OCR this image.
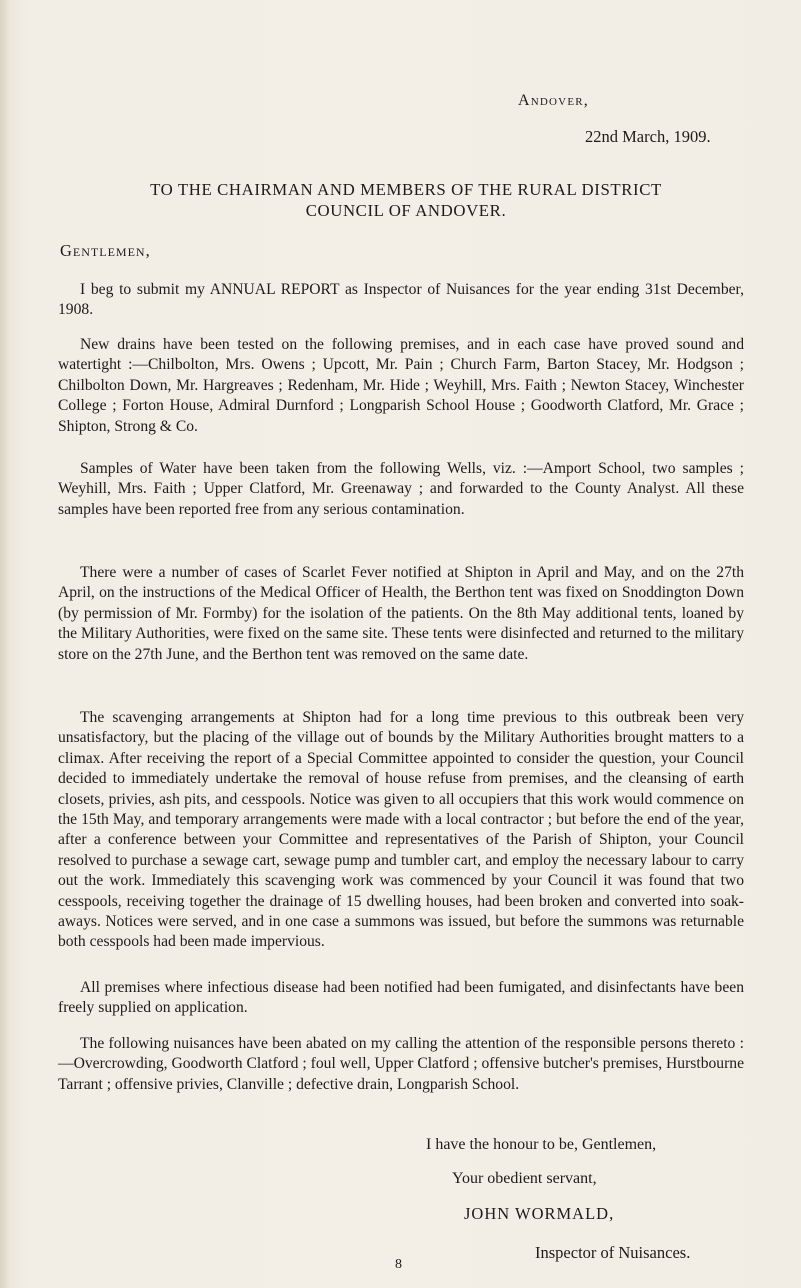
Andover,
22nd March, 1909.
TO THE CHAIRMAN AND MEMBERS OF THE RURAL DISTRICT
COUNCIL OF ANDOVER.
Gentlemen,

I beg to submit my ANNUAL REPORT as Inspector of Nuisances for the year ending 31st December, 1908.

New drains have been tested on the following premises, and in each case have proved sound and watertight :—Chilbolton, Mrs. Owens ; Upcott, Mr. Pain ; Church Farm, Barton Stacey, Mr. Hodgson ; Chilbolton Down, Mr. Hargreaves ; Redenham, Mr. Hide ; Weyhill, Mrs. Faith ; Newton Stacey, Winchester College ; Forton House, Admiral Durnford ; Longparish School House ; Goodworth Clatford, Mr. Grace ; Shipton, Strong & Co.

Samples of Water have been taken from the following Wells, viz. :—Amport School, two samples ; Weyhill, Mrs. Faith ; Upper Clatford, Mr. Greenaway ; and forwarded to the County Analyst. All these samples have been reported free from any serious contamination.

There were a number of cases of Scarlet Fever notified at Shipton in April and May, and on the 27th April, on the instructions of the Medical Officer of Health, the Berthon tent was fixed on Snoddington Down (by permission of Mr. Formby) for the isolation of the patients. On the 8th May additional tents, loaned by the Military Authorities, were fixed on the same site. These tents were disinfected and returned to the military store on the 27th June, and the Berthon tent was removed on the same date.

The scavenging arrangements at Shipton had for a long time previous to this outbreak been very unsatisfactory, but the placing of the village out of bounds by the Military Authorities brought matters to a climax. After receiving the report of a Special Committee appointed to consider the question, your Council decided to immediately undertake the removal of house refuse from premises, and the cleansing of earth closets, privies, ash pits, and cesspools. Notice was given to all occupiers that this work would commence on the 15th May, and temporary arrangements were made with a local contractor ; but before the end of the year, after a conference between your Committee and representatives of the Parish of Shipton, your Council resolved to purchase a sewage cart, sewage pump and tumbler cart, and employ the necessary labour to carry out the work. Immediately this scavenging work was commenced by your Council it was found that two cesspools, receiving together the drainage of 15 dwelling houses, had been broken and converted into soak-aways. Notices were served, and in one case a summons was issued, but before the summons was returnable both cesspools had been made impervious.

All premises where infectious disease had been notified had been fumigated, and disinfectants have been freely supplied on application.

The following nuisances have been abated on my calling the attention of the responsible persons thereto :—Overcrowding, Goodworth Clatford ; foul well, Upper Clatford ; offensive butcher's premises, Hurstbourne Tarrant ; offensive privies, Clanville ; defective drain, Longparish School.

I have the honour to be, Gentlemen,
Your obedient servant,
JOHN WORMALD,
8
Inspector of Nuisances.
